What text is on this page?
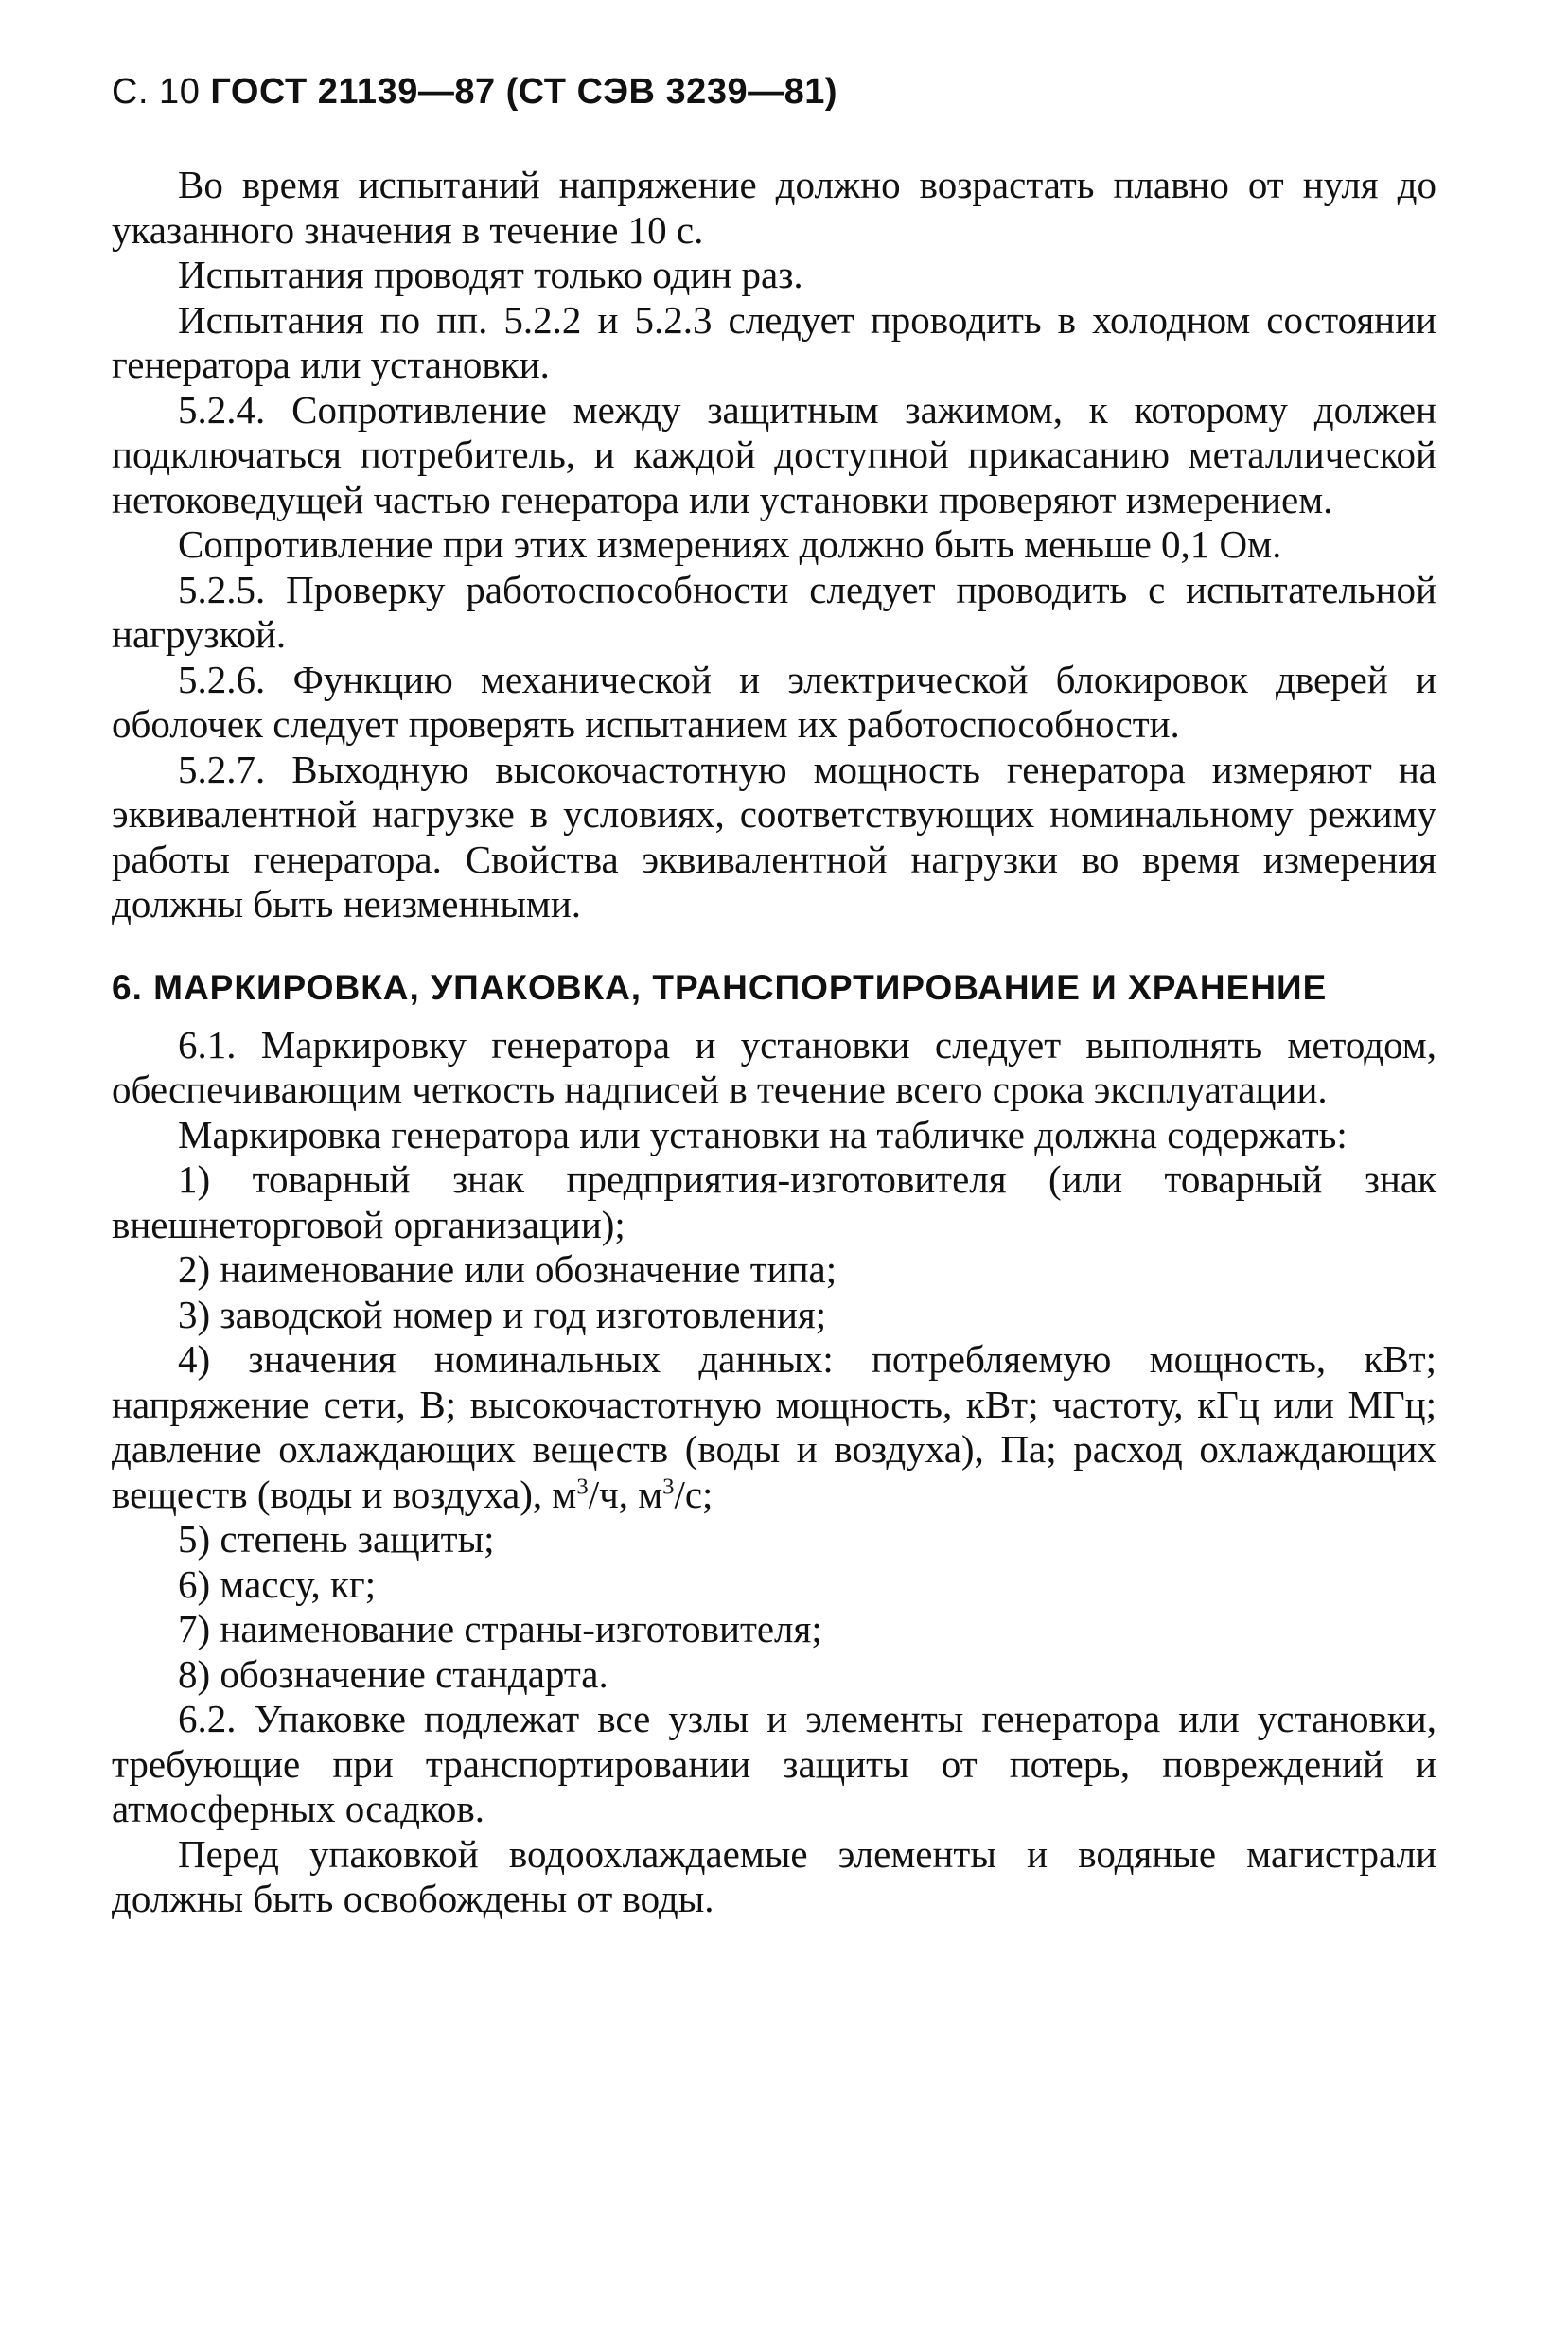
С. 10 ГОСТ 21139—87 (СТ СЭВ 3239—81)

Во время испытаний напряжение должно возрастать плавно от нуля до указанного значения в течение 10 с.

Испытания проводят только один раз.

Испытания по пп. 5.2.2 и 5.2.3 следует проводить в холодном состоянии генератора или установки.

5.2.4. Сопротивление между защитным зажимом, к которому должен подключаться потребитель, и каждой доступной прикасанию металлической нетоковедущей частью генератора или установки проверяют измерением.

Сопротивление при этих измерениях должно быть меньше 0,1 Ом.

5.2.5. Проверку работоспособности следует проводить с испытательной нагрузкой.

5.2.6. Функцию механической и электрической блокировок дверей и оболочек следует проверять испытанием их работоспособности.

5.2.7. Выходную высокочастотную мощность генератора измеряют на эквивалентной нагрузке в условиях, соответствующих номинальному режиму работы генератора. Свойства эквивалентной нагрузки во время измерения должны быть неизменными.

6. МАРКИРОВКА, УПАКОВКА, ТРАНСПОРТИРОВАНИЕ И ХРАНЕНИЕ

6.1. Маркировку генератора и установки следует выполнять методом, обеспечивающим четкость надписей в течение всего срока эксплуатации.

Маркировка генератора или установки на табличке должна содержать:

1) товарный знак предприятия-изготовителя (или товарный знак внешнеторговой организации);

2) наименование или обозначение типа;

3) заводской номер и год изготовления;

4) значения номинальных данных: потребляемую мощность, кВт; напряжение сети, В; высокочастотную мощность, кВт; частоту, кГц или МГц; давление охлаждающих веществ (воды и воздуха), Па; расход охлаждающих веществ (воды и воздуха), $м^3/ч$, $м^3/с$;

5) степень защиты;

6) массу, кг;

7) наименование страны-изготовителя;

8) обозначение стандарта.

6.2. Упаковке подлежат все узлы и элементы генератора или установки, требующие при транспортировании защиты от потерь, повреждений и атмосферных осадков.

Перед упаковкой водоохлаждаемые элементы и водяные магистрали должны быть освобождены от воды.
